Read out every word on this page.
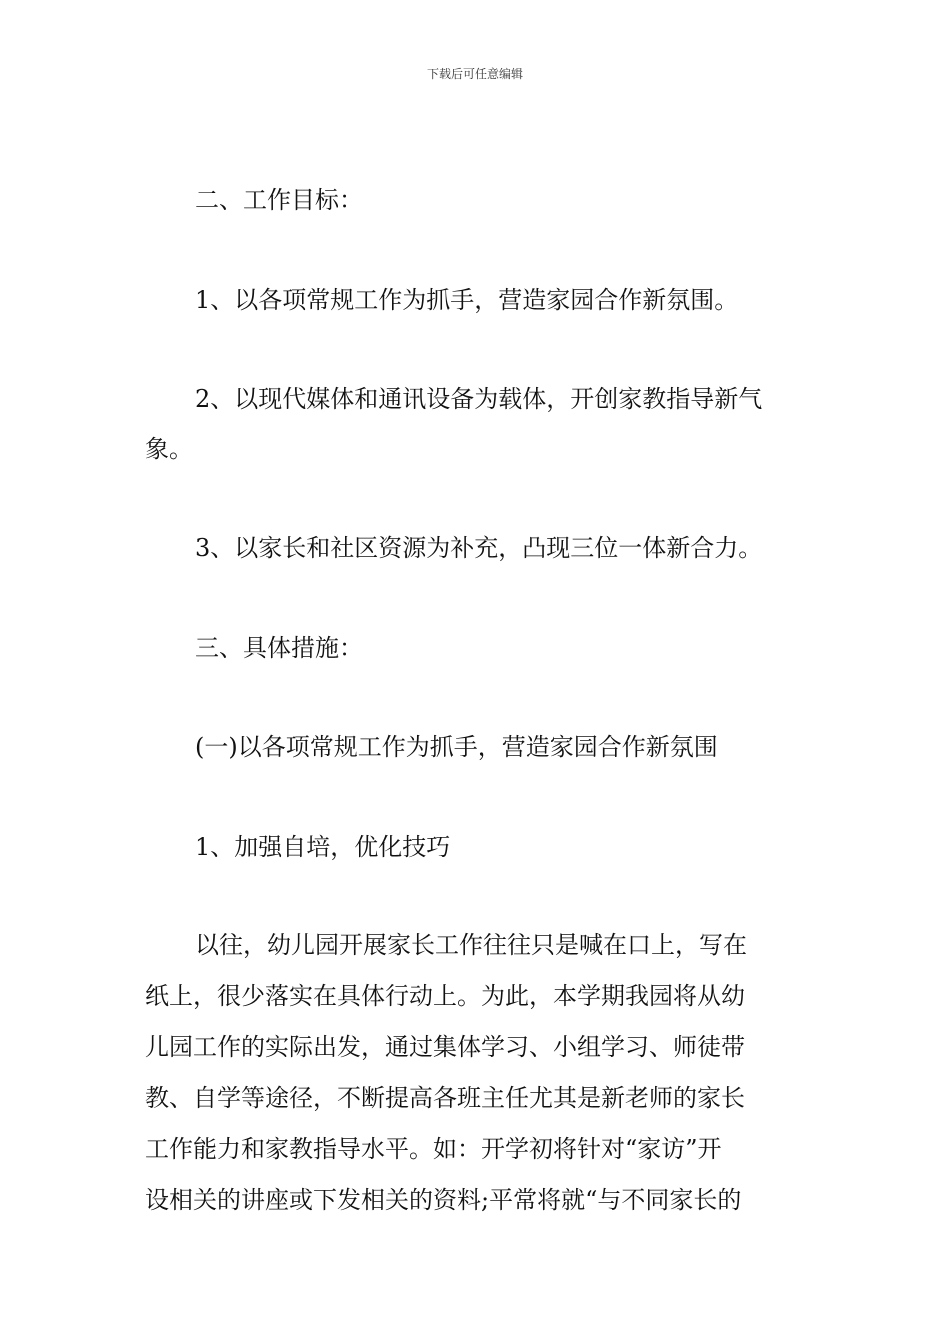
下载后可任意编辑
二、工作目标：
1、以各项常规工作为抓手，营造家园合作新氛围。
2、以现代媒体和通讯设备为载体，开创家教指导新气
象。
3、以家长和社区资源为补充，凸现三位一体新合力。
三、具体措施：
(一)以各项常规工作为抓手，营造家园合作新氛围
1、加强自培，优化技巧
以往，幼儿园开展家长工作往往只是喊在口上，写在
纸上，很少落实在具体行动上。为此，本学期我园将从幼
儿园工作的实际出发，通过集体学习、小组学习、师徒带
教、自学等途径，不断提高各班主任尤其是新老师的家长
工作能力和家教指导水平。如：开学初将针对“家访”开
设相关的讲座或下发相关的资料;平常将就“与不同家长的
